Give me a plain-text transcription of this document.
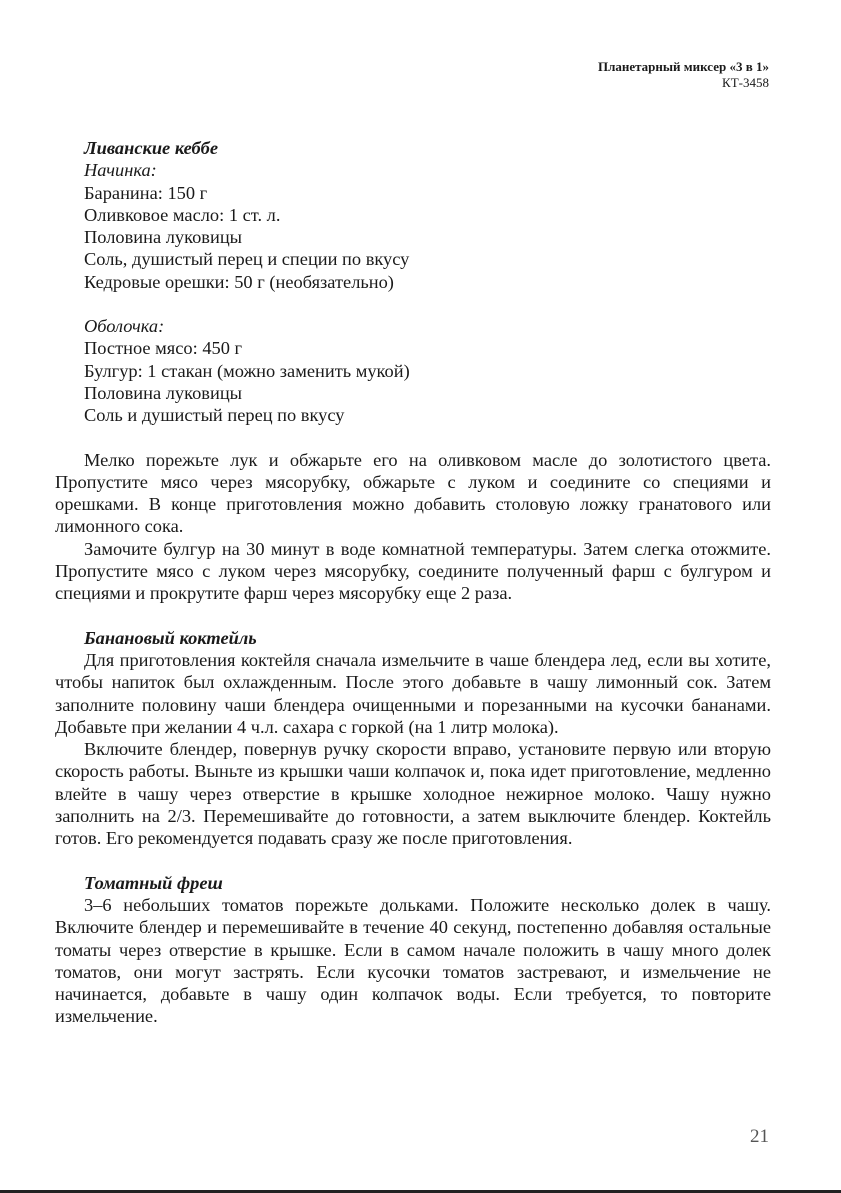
Планетарный миксер «3 в 1»
КТ-3458
Ливанские кеббе
Начинка:
Баранина: 150 г
Оливковое масло: 1 ст. л.
Половина луковицы
Соль, душистый перец и специи по вкусу
Кедровые орешки: 50 г (необязательно)
Оболочка:
Постное мясо: 450 г
Булгур: 1 стакан (можно заменить мукой)
Половина луковицы
Соль и душистый перец по вкусу

Мелко порежьте лук и обжарьте его на оливковом масле до золотистого цвета. Пропустите мясо через мясорубку, обжарьте с луком и соедините со специями и орешками. В конце приготовления можно добавить столовую ложку гранатового или лимонного сока.

Замочите булгур на 30 минут в воде комнатной температуры. Затем слегка отожмите. Пропустите мясо с луком через мясорубку, соедините полученный фарш с булгуром и специями и прокрутите фарш через мясорубку еще 2 раза.

Банановый коктейль

Для приготовления коктейля сначала измельчите в чаше блендера лед, если вы хотите, чтобы напиток был охлажденным. После этого добавьте в чашу лимонный сок. Затем заполните половину чаши блендера очищенными и порезанными на кусочки бананами. Добавьте при желании 4 ч.л. сахара с горкой (на 1 литр молока).

Включите блендер, повернув ручку скорости вправо, установите первую или вторую скорость работы. Выньте из крышки чаши колпачок и, пока идет приготовление, медленно влейте в чашу через отверстие в крышке холодное нежирное молоко. Чашу нужно заполнить на 2/3. Перемешивайте до готовности, а затем выключите блендер. Коктейль готов. Его рекомендуется подавать сразу же после приготовления.

Томатный фреш

3–6 небольших томатов порежьте дольками. Положите несколько долек в чашу. Включите блендер и перемешивайте в течение 40 секунд, постепенно добавляя остальные томаты через отверстие в крышке. Если в самом начале положить в чашу много долек томатов, они могут застрять. Если кусочки томатов застревают, и измельчение не начинается, добавьте в чашу один колпачок воды. Если требуется, то повторите измельчение.

21
